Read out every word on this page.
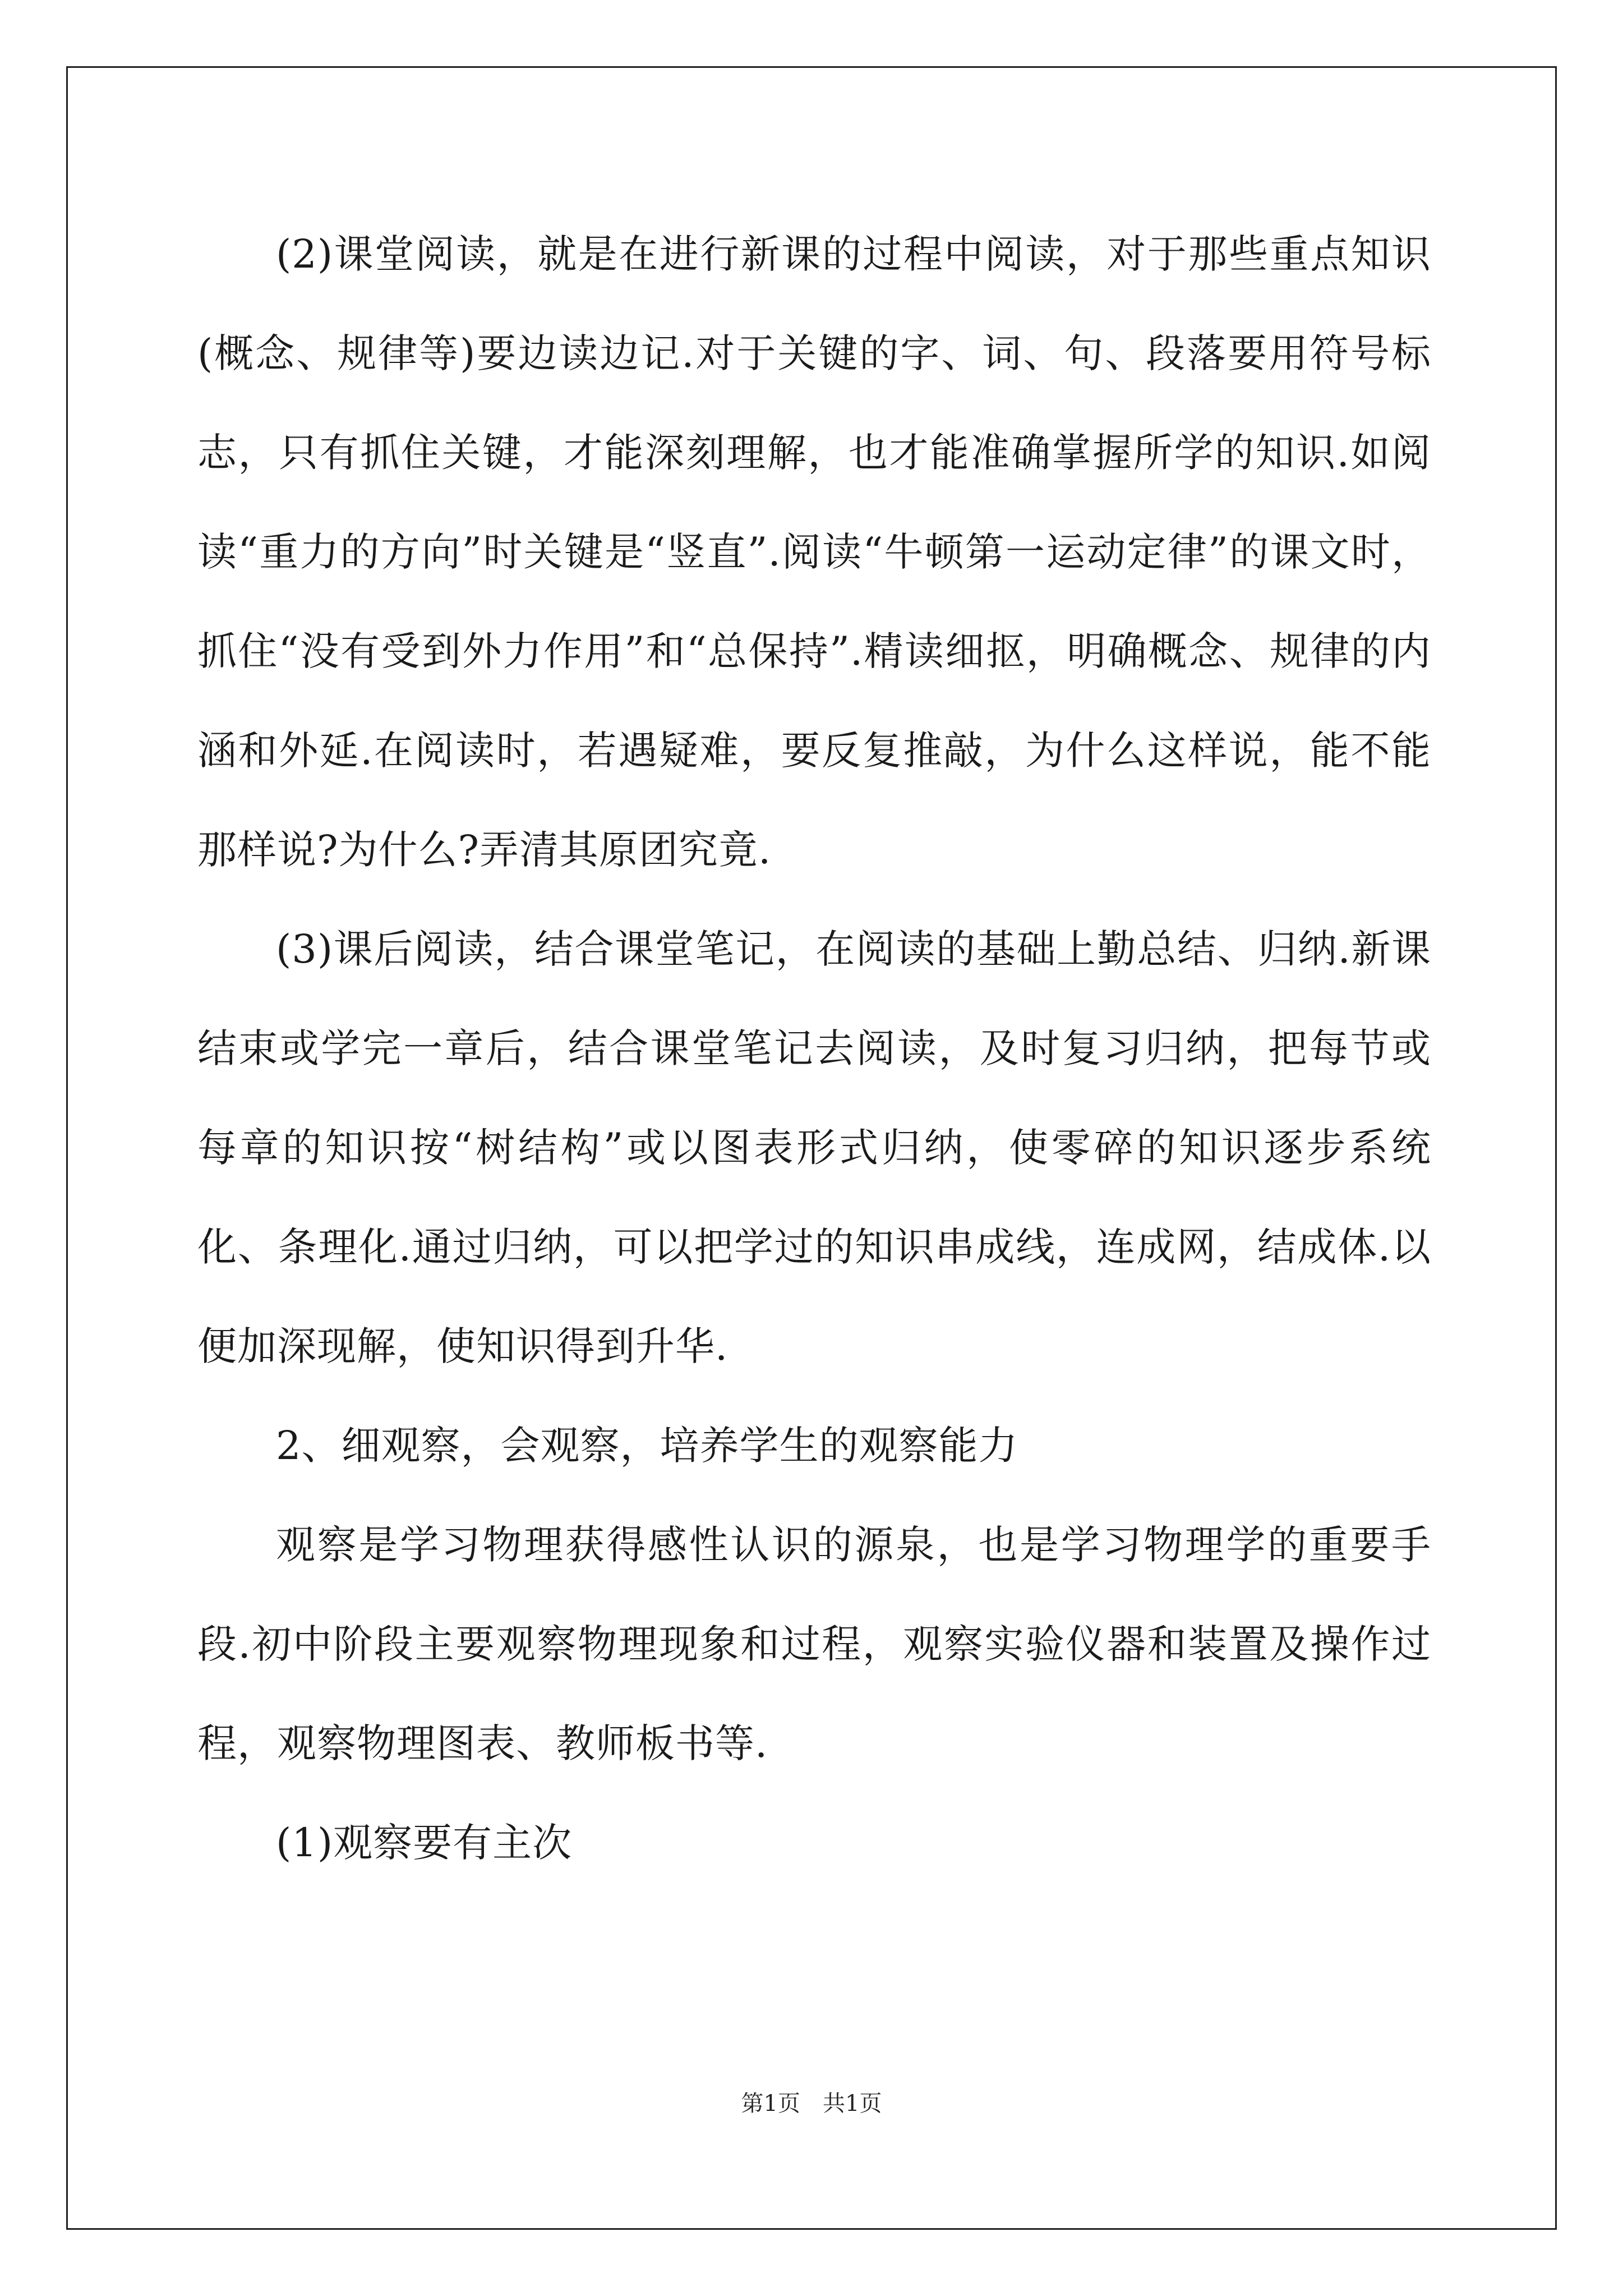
(2)课堂阅读，就是在进行新课的过程中阅读，对于那些重点知识(概念、规律等)要边读边记.对于关键的字、词、句、段落要用符号标志，只有抓住关键，才能深刻理解，也才能准确掌握所学的知识.如阅读“重力的方向”时关键是“竖直”.阅读“牛顿第一运动定律”的课文时，抓住“没有受到外力作用”和“总保持”.精读细抠，明确概念、规律的内涵和外延.在阅读时，若遇疑难，要反复推敲，为什么这样说，能不能那样说?为什么?弄清其原团究竟.

(3)课后阅读，结合课堂笔记，在阅读的基础上勤总结、归纳.新课结束或学完一章后，结合课堂笔记去阅读，及时复习归纳，把每节或每章的知识按“树结构”或以图表形式归纳，使零碎的知识逐步系统化、条理化.通过归纳，可以把学过的知识串成线，连成网，结成体.以便加深现解，使知识得到升华.

2、细观察，会观察，培养学生的观察能力

观察是学习物理获得感性认识的源泉，也是学习物理学的重要手段.初中阶段主要观察物理现象和过程，观察实验仪器和装置及操作过程，观察物理图表、教师板书等.

(1)观察要有主次

第1页 共1页
